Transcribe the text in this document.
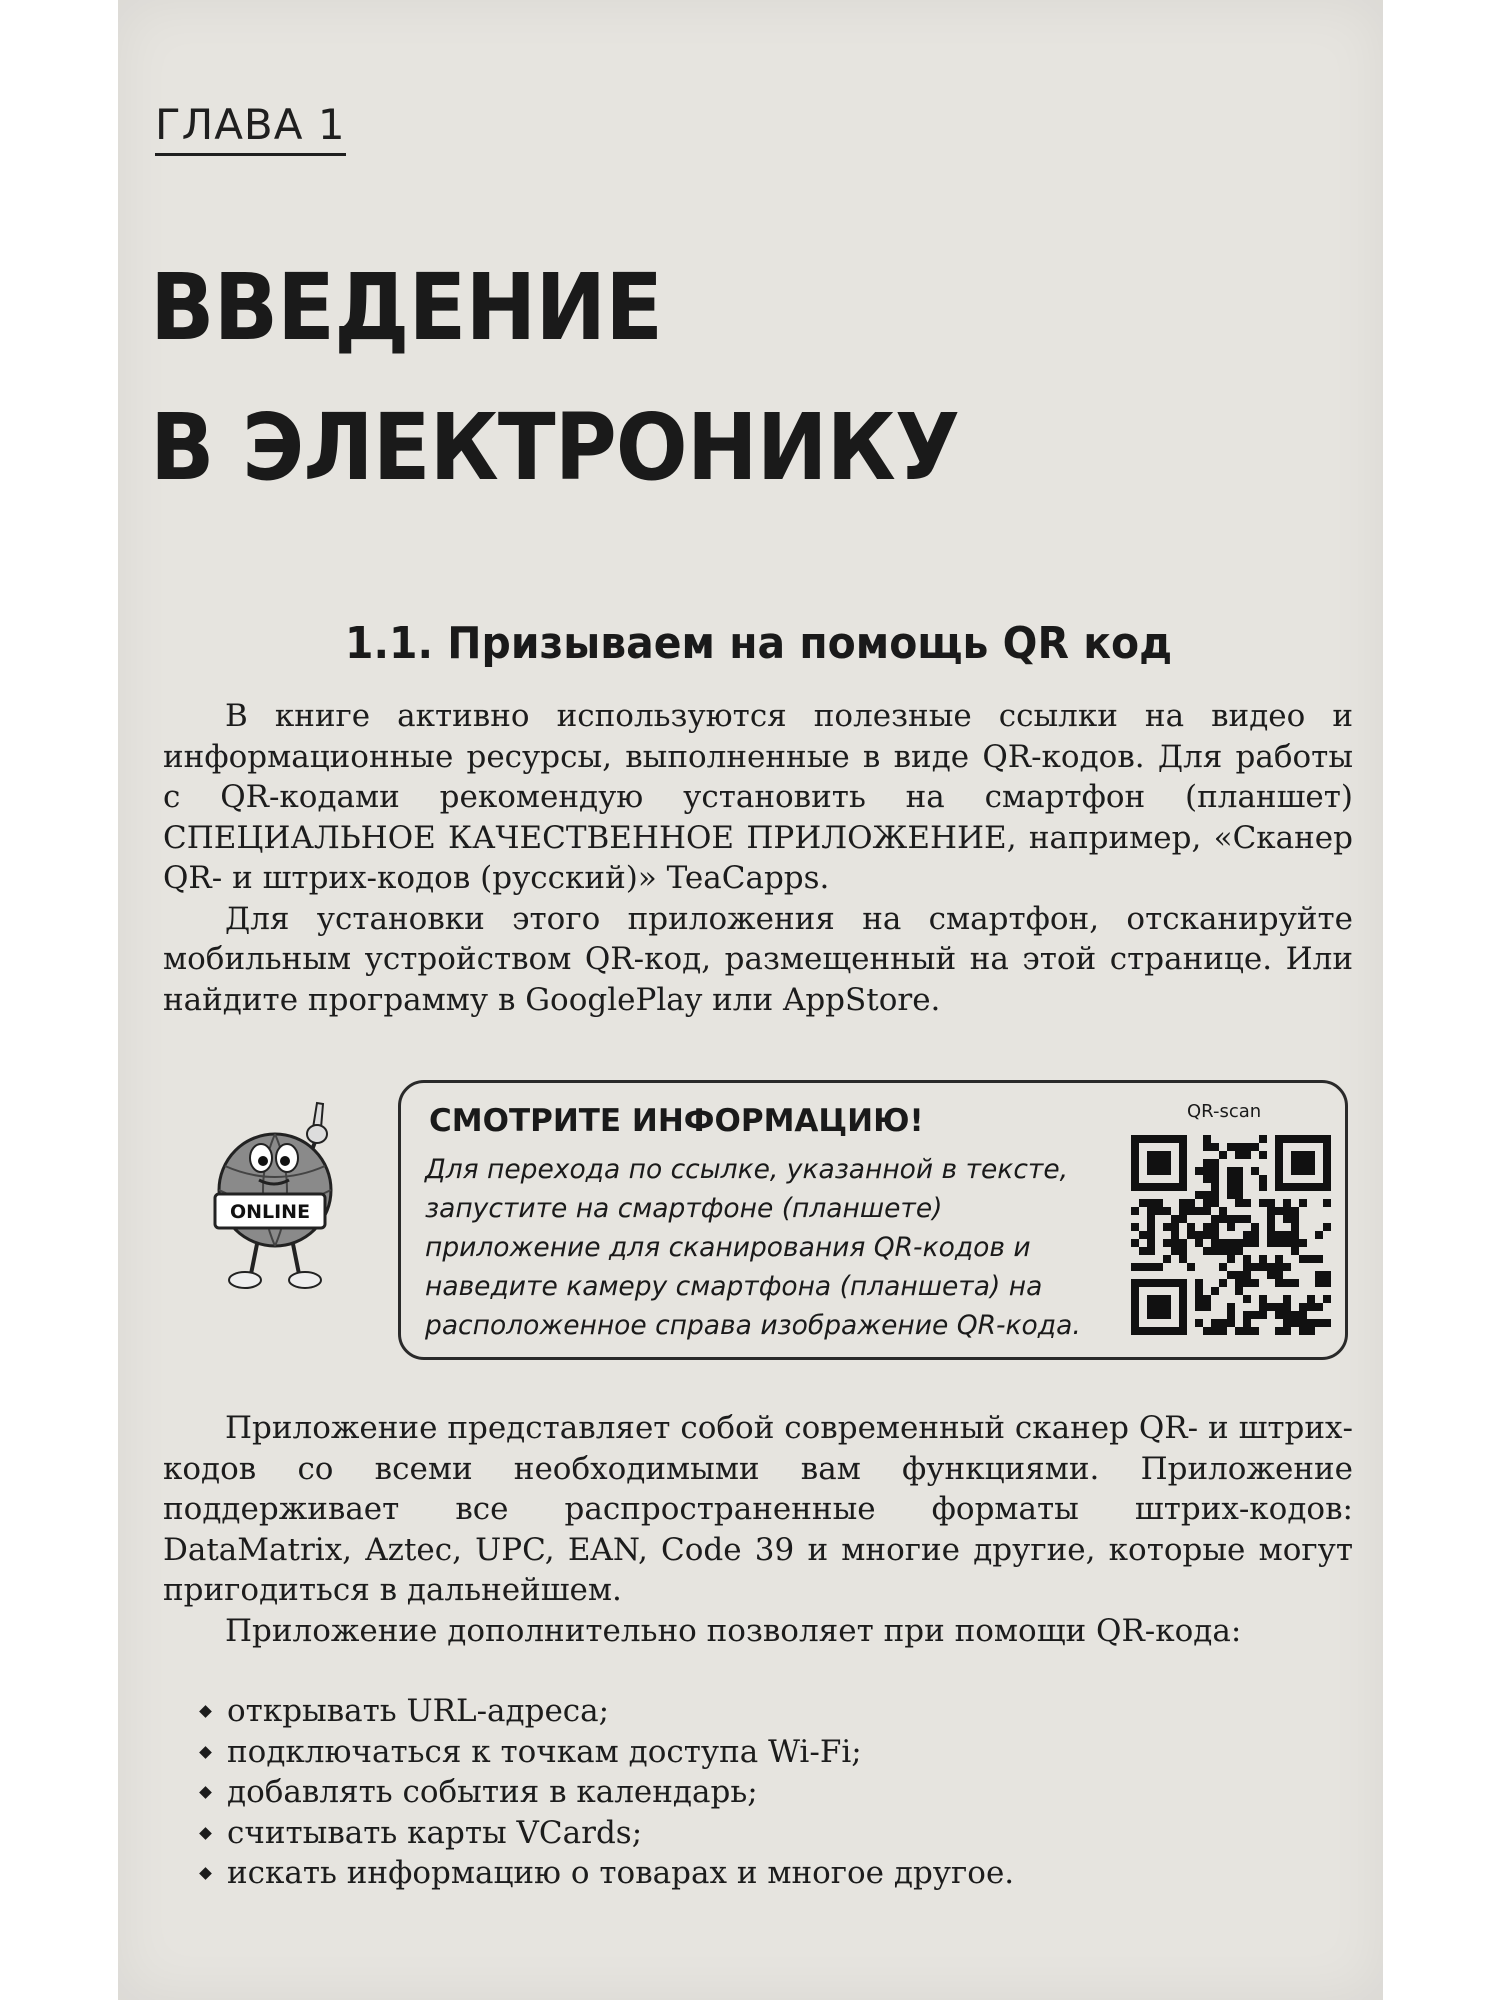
ГЛАВА 1
ВВЕДЕНИЕ
В ЭЛЕКТРОНИКУ
1.1. Призываем на помощь QR код

В книге активно используются полезные ссылки на видео и информационные ресурсы, выполненные в виде QR-кодов. Для работы с QR-кодами рекомендую установить на смартфон (планшет) СПЕЦИАЛЬНОЕ КАЧЕСТВЕННОЕ ПРИЛОЖЕНИЕ, например, «Сканер QR- и штрих-кодов (русский)» TeaCapps.

Для установки этого приложения на смартфон, отсканируйте мобильным устройством QR-код, размещенный на этой странице. Или найдите программу в GooglePlay или AppStore.

ONLINE
СМОТРИТЕ ИНФОРМАЦИЮ!
Для перехода по ссылке, указанной в тексте, запустите на смартфоне (планшете) приложение для сканирования QR-кодов и наведите камеру смартфона (планшета) на расположенное справа изображение QR-кода.
QR-scan

Приложение представляет собой современный сканер QR- и штрих-кодов со всеми необходимыми вам функциями. Приложение поддерживает все распространенные форматы штрих-кодов: DataMatrix, Aztec, UPC, EAN, Code 39 и многие другие, которые могут пригодиться в дальнейшем.

Приложение дополнительно позволяет при помощи QR-кода:

открывать URL-адреса;
подключаться к точкам доступа Wi-Fi;
добавлять события в календарь;
считывать карты VCards;
искать информацию о товарах и многое другое.
